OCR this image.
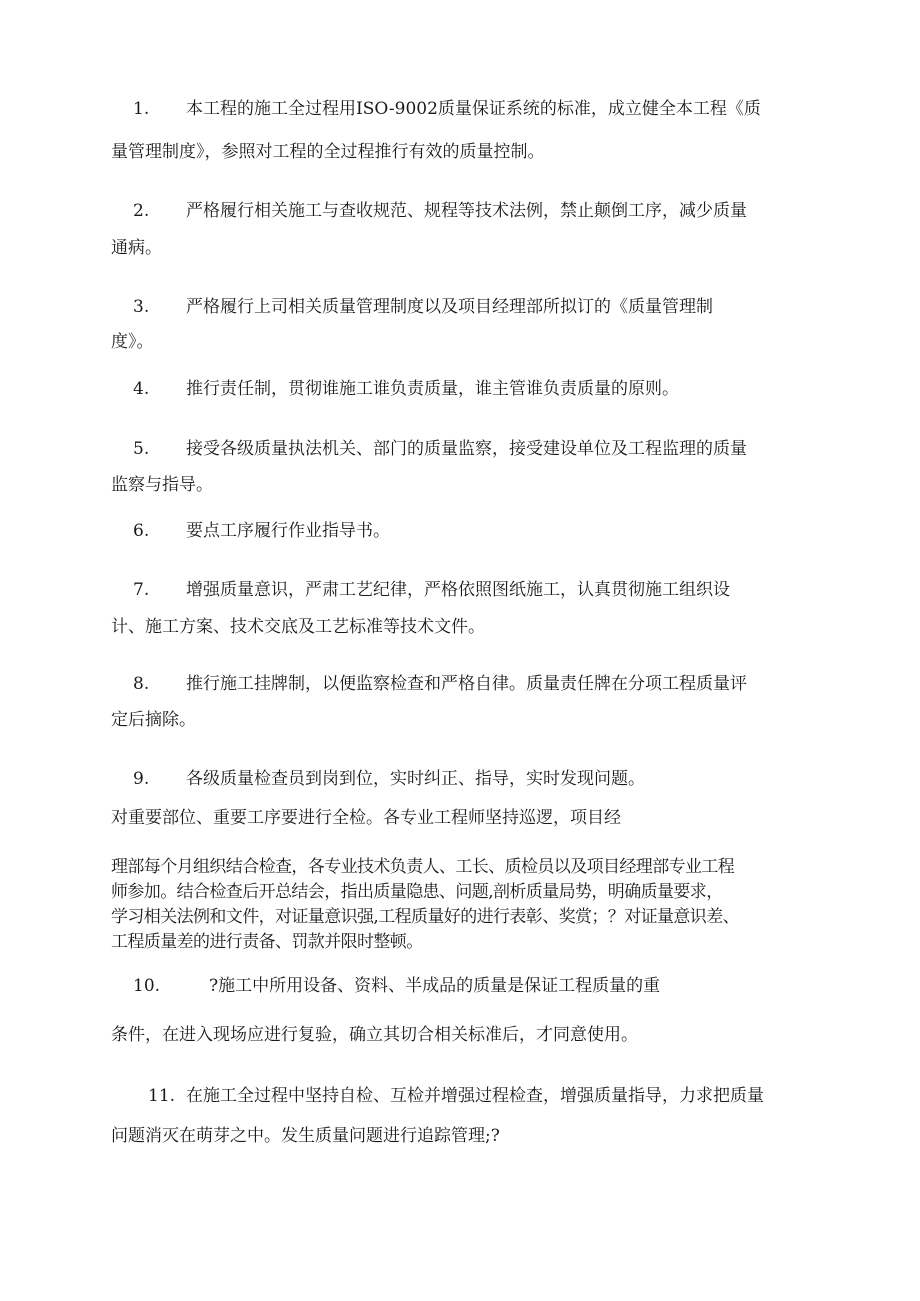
1. 本工程的施工全过程用ISO-9002质量保证系统的标准，成立健全本工程《质
量管理制度》，参照对工程的全过程推行有效的质量控制。
2. 严格履行相关施工与查收规范、规程等技术法例，禁止颠倒工序，减少质量
通病。
3. 严格履行上司相关质量管理制度以及项目经理部所拟订的《质量管理制
度》。
4. 推行责任制，贯彻谁施工谁负责质量，谁主管谁负责质量的原则。
5. 接受各级质量执法机关、部门的质量监察，接受建设单位及工程监理的质量
监察与指导。
6. 要点工序履行作业指导书。
7. 增强质量意识，严肃工艺纪律，严格依照图纸施工，认真贯彻施工组织设
计、施工方案、技术交底及工艺标准等技术文件。
8. 推行施工挂牌制，以便监察检查和严格自律。质量责任牌在分项工程质量评
定后摘除。
9. 各级质量检查员到岗到位，实时纠正、指导，实时发现问题。
对重要部位、重要工序要进行全检。各专业工程师坚持巡逻，项目经
理部每个月组织结合检查，各专业技术负责人、工长、质检员以及项目经理部专业工程
师参加。结合检查后开总结会，指出质量隐患、问题,剖析质量局势，明确质量要求，
学习相关法例和文件，对证量意识强,工程质量好的进行表彰、奖赏；？对证量意识差、
工程质量差的进行责备、罚款并限时整顿。
10.	?施工中所用设备、资料、半成品的质量是保证工程质量的重
条件，在进入现场应进行复验，确立其切合相关标准后，才同意使用。
11. 在施工全过程中坚持自检、互检并增强过程检查，增强质量指导，力求把质量
问题消灭在萌芽之中。发生质量问题进行追踪管理;?
